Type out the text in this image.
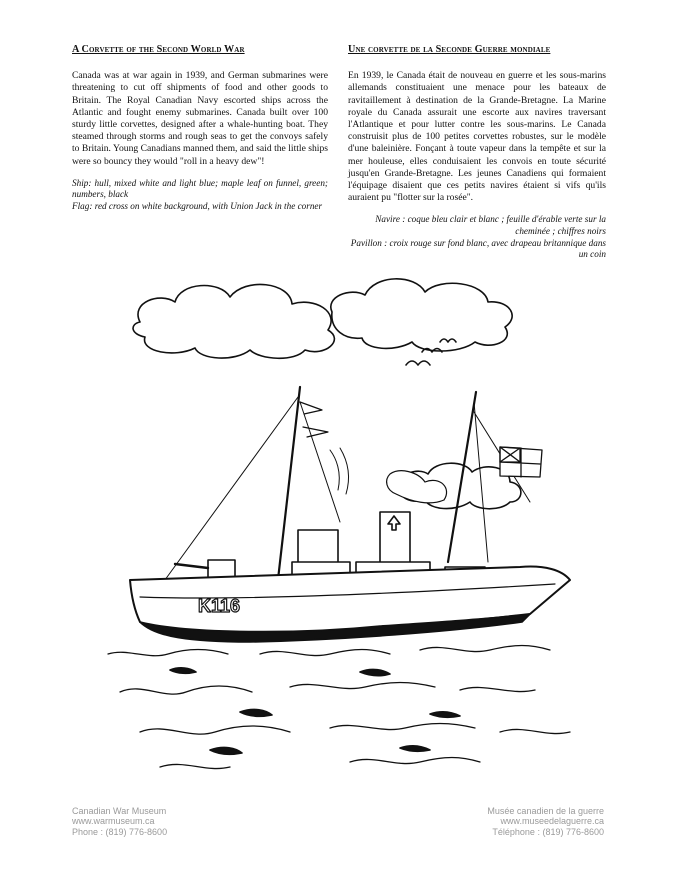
A Corvette of the Second World War

Canada was at war again in 1939, and German submarines were threatening to cut off shipments of food and other goods to Britain. The Royal Canadian Navy escorted ships across the Atlantic and fought enemy submarines. Canada built over 100 sturdy little corvettes, designed after a whale-hunting boat. They steamed through storms and rough seas to get the convoys safely to Britain. Young Canadians manned them, and said the little ships were so bouncy they would "roll in a heavy dew"!

Ship: hull, mixed white and light blue; maple leaf on funnel, green; numbers, black

Flag: red cross on white background, with Union Jack in the corner

Une corvette de la Seconde Guerre mondiale

En 1939, le Canada était de nouveau en guerre et les sous-marins allemands constituaient une menace pour les bateaux de ravitaillement à destination de la Grande-Bretagne. La Marine royale du Canada assurait une escorte aux navires traversant l'Atlantique et pour lutter contre les sous-marins. Le Canada construisit plus de 100 petites corvettes robustes, sur le modèle d'une baleinière. Fonçant à toute vapeur dans la tempête et sur la mer houleuse, elles conduisaient les convois en toute sécurité jusqu'en Grande-Bretagne. Les jeunes Canadiens qui formaient l'équipage disaient que ces petits navires étaient si vifs qu'ils auraient pu "flotter sur la rosée".

Navire : coque bleu clair et blanc ; feuille d'érable verte sur la cheminée ; chiffres noirs

Pavillon : croix rouge sur fond blanc, avec drapeau britannique dans un coin

K116
Canadian War Museum
www.warmuseum.ca
Phone : (819) 776-8600
Musée canadien de la guerre
www.museedelaguerre.ca
Téléphone : (819) 776-8600
